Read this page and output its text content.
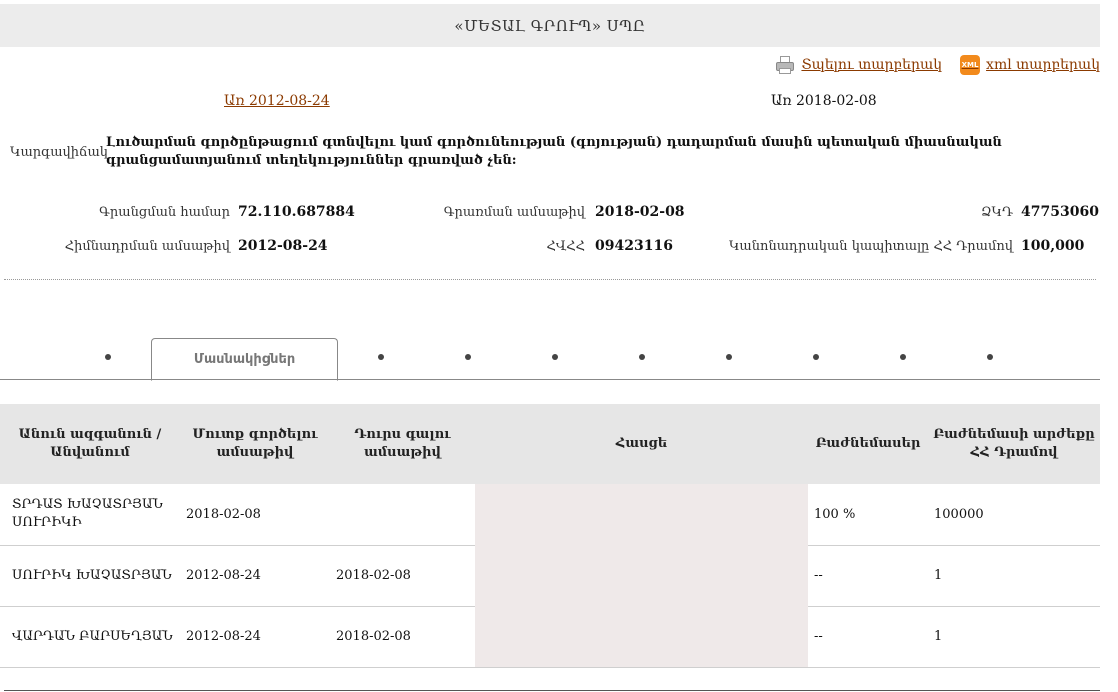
«ՄԵՏԱԼ ԳՐՈՒՊ» ՍՊԸ
Տպելու տարբերակ	XML xml տարբերակ
Առ 2012-08-24	Առ 2018-02-08
Կարգավիճակ
Լուծարման գործընթացում գտնվելու կամ գործունեության (գոյության) դադարման մասին պետական միասնական գրանցամատյանում տեղեկություններ գրառված չեն:
Գրանցման համար 72.110.687884	Գրառման ամսաթիվ 2018-02-08	ՁԿԴ 47753060
Հիմնադրման ամսաթիվ 2012-08-24	ՀՎՀՀ 09423116	Կանոնադրական կապիտալը ՀՀ Դրամով 100,000
Մասնակիցներ
Անուն ազգանուն / Անվանում	Մուտք գործելու ամսաթիվ	Դուրս գալու ամսաթիվ	Հասցե	Բաժնեմասեր	Բաժնեմասի արժեքը ՀՀ Դրամով
ՏՐԴԱՏ ԽԱՉԱՏՐՅԱՆ ՍՈՒՐԻԿԻ	2018-02-08			100 %	100000
ՍՈՒՐԻԿ ԽԱՉԱՏՐՅԱՆ	2012-08-24	2018-02-08		--	1
ՎԱՐԴԱՆ ԲԱՐՍԵՂՅԱՆ	2012-08-24	2018-02-08		--	1
